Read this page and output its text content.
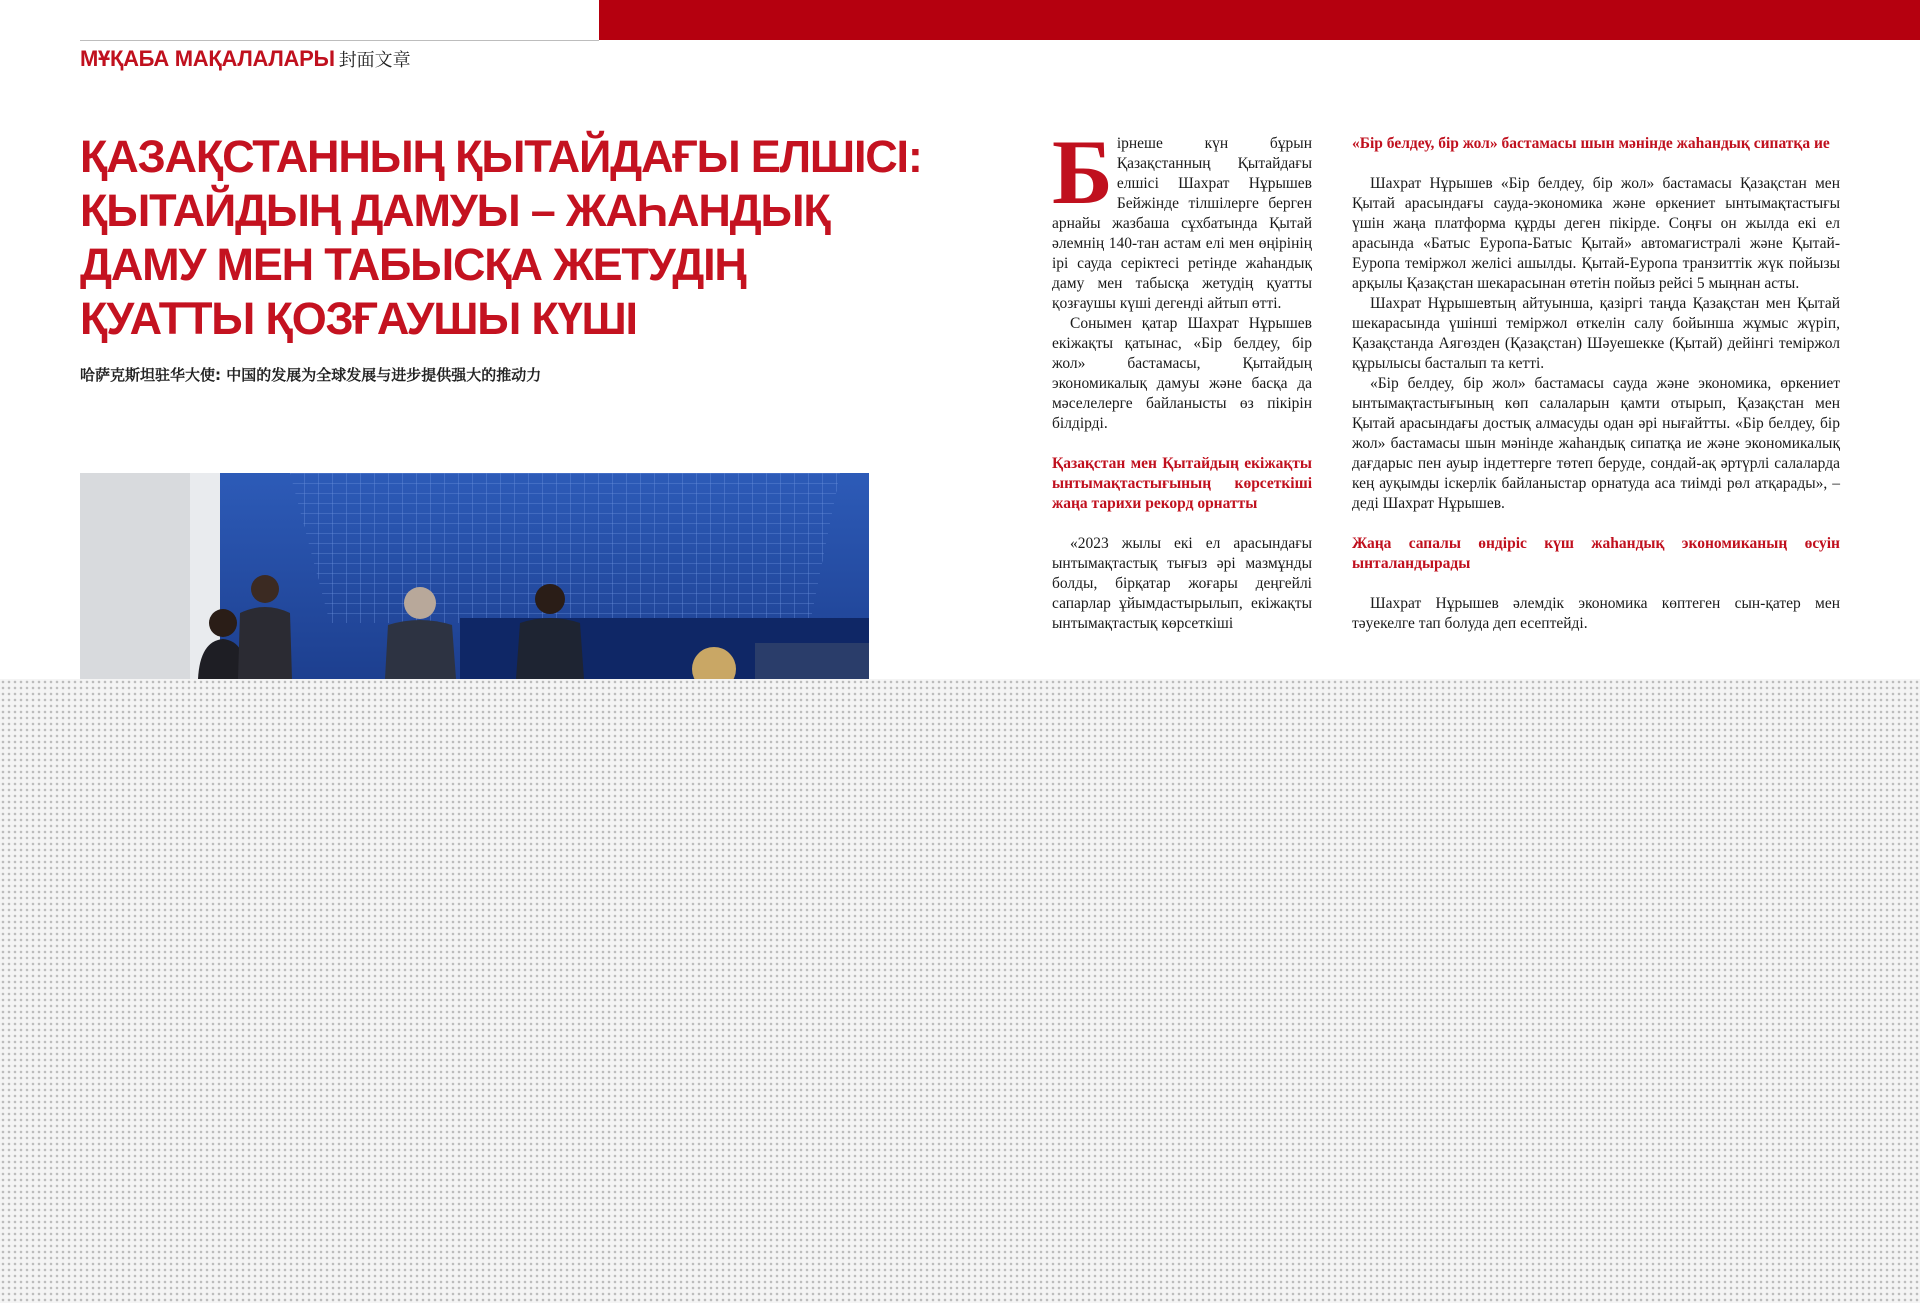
МҰҚАБА МАҚАЛАЛАРЫ 封面文章
ҚАЗАҚСТАННЫҢ ҚЫТАЙДАҒЫ ЕЛШІСІ:
ҚЫТАЙДЫҢ ДАМУЫ – ЖАҺАНДЫҚ
ДАМУ МЕН ТАБЫСҚА ЖЕТУДІҢ
ҚУАТТЫ ҚОЗҒАУШЫ КҮШІ
哈萨克斯坦驻华大使: 中国的发展为全球发展与进步提供强大的推动力

Бірнеше күн бұрын Қазақстанның Қытайдағы елшісі Шахрат Нұрышев Бейжінде тілшілерге берген арнайы жазбаша сұхбатында Қытай әлемнің 140-тан астам елі мен өңірінің ірі сауда серіктесі ретінде жаһандық даму мен табысқа жетудің қуатты қозғаушы күші дегенді айтып өтті.

Сонымен қатар Шахрат Нұрышев екіжақты қатынас, «Бір белдеу, бір жол» бастамасы, Қытайдың экономикалық дамуы және басқа да мәселелерге байланысты өз пікірін білдірді.

Қазақстан мен Қытайдың екіжақты ынтымақтастығының көрсеткіші жаңа тарихи рекорд орнатты

«2023 жылы екі ел арасындағы ынтымақтастық тығыз әрі мазмұнды болды, бірқатар жоғары деңгейлі сапарлар ұйымдастырылып, екіжақты ынтымақтастық көрсеткіші

«Бір белдеу, бір жол» бастамасы шын мәнінде жаһандық сипатқа ие

Шахрат Нұрышев «Бір белдеу, бір жол» бастамасы Қазақстан мен Қытай арасындағы сауда-экономика және өркениет ынтымақтастығы үшін жаңа платформа құрды деген пікірде. Соңғы он жылда екі ел арасында «Батыс Еуропа-Батыс Қытай» автомагистралі және Қытай-Еуропа теміржол желісі ашылды. Қытай-Еуропа транзиттік жүк пойызы арқылы Қазақстан шекарасынан өтетін пойыз рейсі 5 мыңнан асты.

Шахрат Нұрышевтың айтуынша, қазіргі таңда Қазақстан мен Қытай шекарасында үшінші теміржол өткелін салу бойынша жұмыс жүріп, Қазақстанда Аягөзден (Қазақстан) Шәуешекке (Қытай) дейінгі теміржол құрылысы басталып та кетті.

«Бір белдеу, бір жол» бастамасы сауда және экономика, өркениет ынтымақтастығының көп салаларын қамти отырып, Қазақстан мен Қытай арасындағы достық алмасуды одан әрі нығайтты. «Бір белдеу, бір жол» бастамасы шын мәнінде жаһандық сипатқа ие және экономикалық дағдарыс пен ауыр індеттерге төтеп беруде, сондай-ақ әртүрлі салаларда кең ауқымды іскерлік байланыстар орнатуда аса тиімді рөл атқарады», – деді Шахрат Нұрышев.

Жаңа сапалы өндіріс күш жаһандық экономиканың өсуін ынталандырады

Шахрат Нұрышев әлемдік экономика көптеген сын-қатер мен тәуекелге тап болуда деп есептейді.
